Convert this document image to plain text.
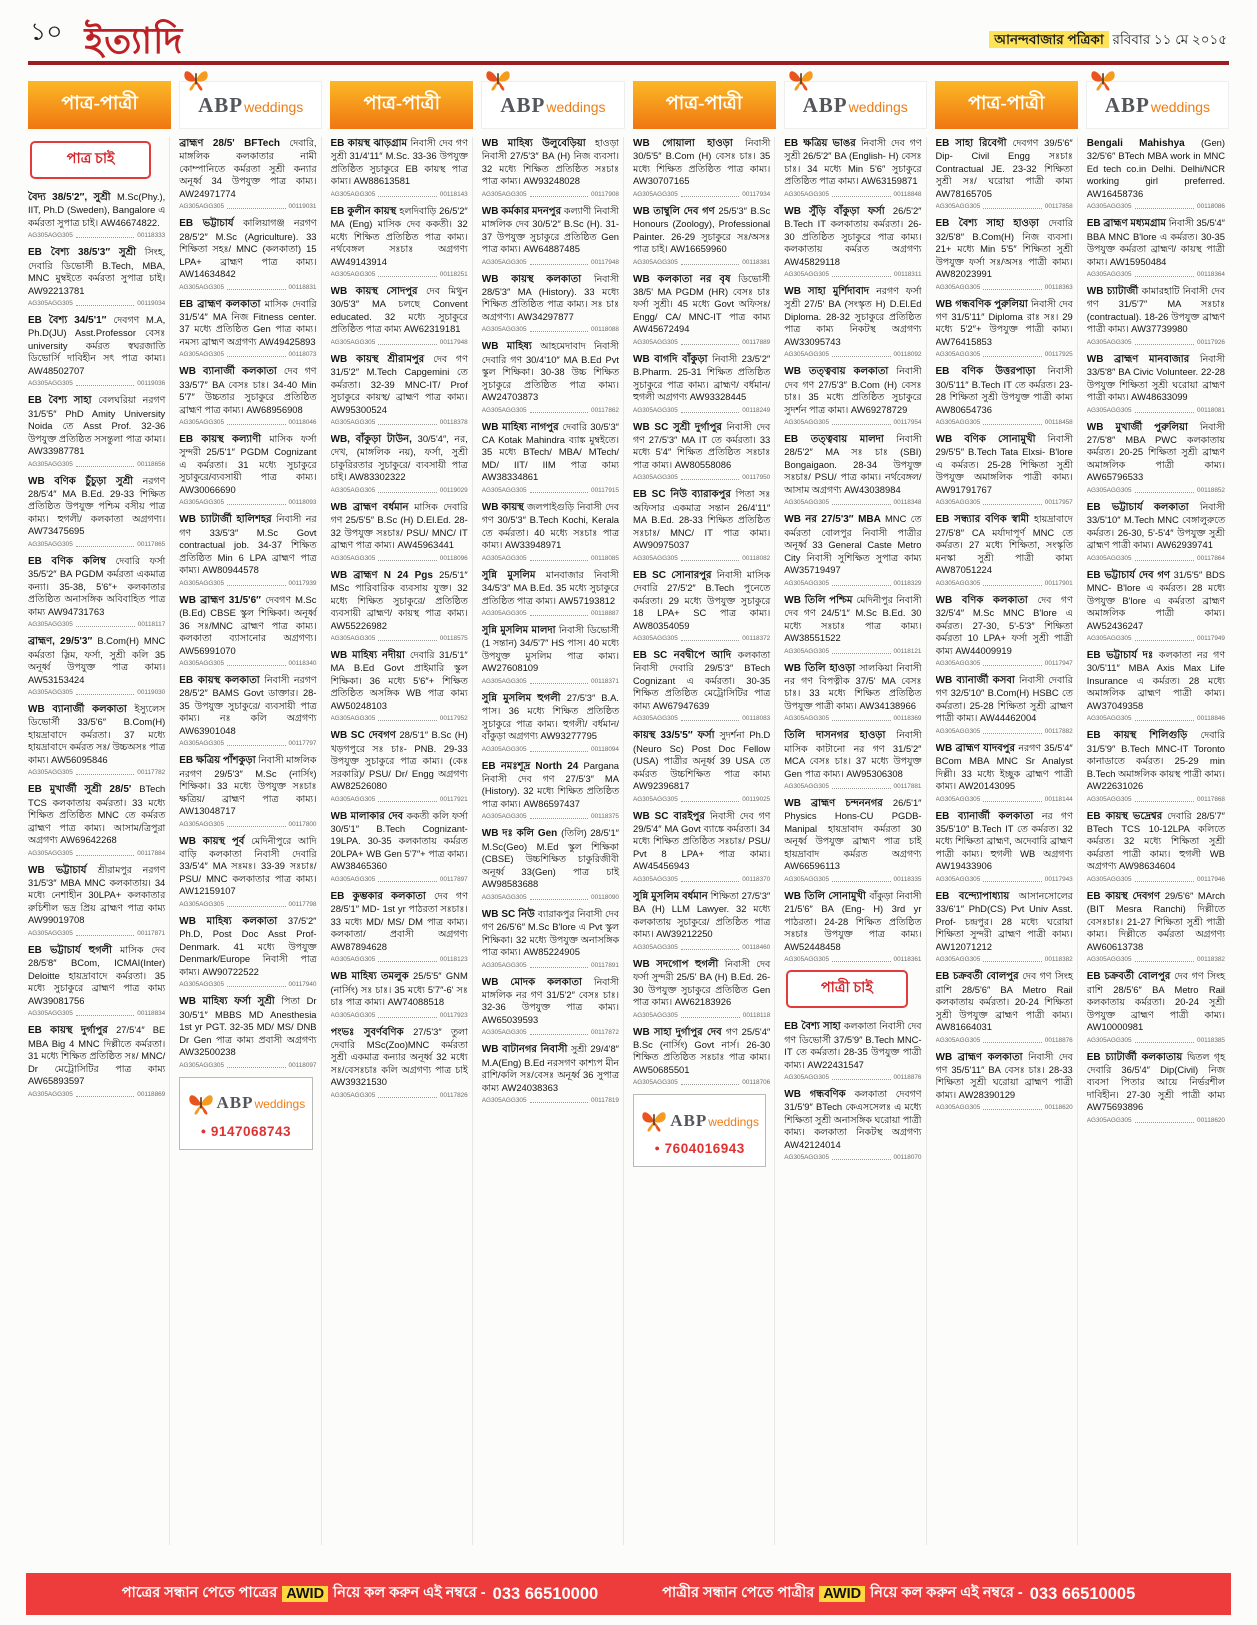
১০ ইত্যাদি	আনন্দবাজার পত্রিকা রবিবার ১১ মে ২০১৫
পাত্র-পাত্রী	ABPweddings	পাত্র-পাত্রী	ABPweddings	পাত্র-পাত্রী	ABPweddings	পাত্র-পাত্রী	ABPweddings
পাত্র চাই

বৈদ্য 38/5'2″, সুশ্রী M.Sc(Phy.), IIT, Ph.D (Sweden), Bangalore এ কর্মরতা সুপাত্র চাই। AW46674822.

AG305AGG305	00118333

EB বৈশ্য 38/5'3″ সুশ্রী সিংহ, দেবারি ডিভোর্সী B.Tech, MBA, MNC মুম্বইতে কর্মরতা সুপাত্র চাই। AW92213781

AG305AGG305	00119034

EB বৈশ্য 34/5'1″ দেবগণ M.A, Ph.D(JU) Asst.Professor বেসঃ university কর্মরত স্বঘরজাতি ডিভোর্সি দাবিহীন সৎ পাত্র কাম্য। AW48502707

AG305AGG305	00119036

EB বৈশ্য সাহা বেলঘরিয়া নরগণ 31/5'5″ PhD Amity University Noida তে Asst Prof. 32-36 উপযুক্ত প্রতিষ্ঠিত সসন্তুলা পাত্র কাম্য। AW33987781

AG305AGG305	00118656

WB বণিক চুঁচুড়া সুশ্রী নরগণ 28/5'4″ MA B.Ed. 29-33 শিক্ষিত প্রতিষ্ঠিত উপযুক্ত পশ্চিম বসীয় পাত্র কাম্য। হুগলী/ কলকাতা অগ্রগণ্য। AW73475695

AG305AGG305	00117865

EB বণিক কলিম্ব দেবারি ফর্সা 35/5'2″ BA PGDM কর্মরতা একমাত্র কন্যা। 35-38, 5'6″+ কলকাতার প্রতিষ্ঠিত অনাসঙ্গিক অবিবাহিত পাত্র কাম্য AW94731763

AG305AGG305	00118117

ব্রাহ্মণ, 29/5'3″ B.Com(H) MNC কর্মরতা স্লিম, ফর্সা, সুশ্রী কলি 35 অনূর্ধ্ব উপযুক্ত পাত্র কাম্য। AW53153424

AG305AGG305	00119030

WB ব্যানার্জী কলকাতা ইস্যুলেস ডিভোর্সী 33/5'6″ B.Com(H) হায়দ্রাবাদে কর্মরতা। 37 মধ্যে হায়দ্রাবাদে কর্মরত সঃ/ উচ্চঅসঃ পাত্র কাম্য। AW56095846

AG305AGG305	00117782

EB মুখার্জী সুশ্রী 28/5' BTech TCS কলকাতায় কর্মরতা। 33 মধ্যে শিক্ষিত প্রতিষ্ঠিত MNC তে কর্মরত ব্রাহ্মণ পাত্র কাম্য। আসাম/ত্রিপুরা অগ্রগণ্য AW69642268

AG305AGG305	00117884

WB ভট্টাচার্য শ্রীরামপুর নরগণ 31/5'3″ MBA MNC কলকাতায়। 34 মধ্যে নেশাহীন 30LPA+ কলকাতার রুচিশীল ভদ্র প্রিয় ব্রাহ্মণ পাত্র কাম্য AW99019708

AG305AGG305	00117871

EB ভট্টাচার্য হুগলী মাসিক দেব 28/5'8″ BCom, ICMAI(Inter) Deloitte হায়দ্রাবাদে কর্মরতা। 35 মধ্যে সুচাকুরে ব্রাহ্মণ পাত্র কাম্য AW39081756

AG305AGG305	00118834

EB কায়স্থ দুর্গাপুর 27/5'4″ BE MBA Big 4 MNC দিল্লীতে কর্মরতা। 31 মধ্যে শিক্ষিত প্রতিষ্ঠিত সঃ/ MNC/ Dr মেট্রোসিটির পাত্র কাম্য AW65893597

AG305AGG305	00118869

ব্রাহ্মণ 28/5' BFTech দেবারি, মাঙ্গলিক কলকাতার নামী কোম্পানিতে কর্মরতা সুশ্রী কন্যার অনূর্ধ্ব 34 উপযুক্ত পাত্র কাম্য। AW24971774

AG305AGG305	00119031

EB ভট্টাচার্য কালিয়াগঞ্জ নরগণ 28/5'2″ M.Sc (Agriculture). 33 শিক্ষিতা সহঃ/ MNC (কলকাতা) 15 LPA+ ব্রাহ্মণ পাত্র কাম্য। AW14634842

AG305AGG305	00118831

EB ব্রাহ্মণ কলকাতা মাসিক দেবারি 31/5'4″ MA নিজ Fitness center. 37 মধ্যে প্রতিষ্ঠিত Gen পাত্র কাম্য। নমস্য ব্রাহ্মণ অগ্রগণ্য AW49425893

AG305AGG305	00118073

WB ব্যানার্জী কলকাতা দেব গণ 33/5'7″ BA বেসঃ চাঃ। 34-40 Min 5'7″ উচ্চতার সুচাকুরে প্রতিষ্ঠিত ব্রাহ্মণ পাত্র কাম্য। AW68956908

AG305AGG305	00118046

EB কায়স্থ কল্যাণী মাসিক ফর্সা সুন্দরী 25/5'1″ PGDM Cognizant এ কর্মরতা। 31 মধ্যে সুচাকুরে সুচাকুরে/ব্যবসায়ী পাত্র কাম্য। AW30066690

AG305AGG305	00118093

WB চ্যাটার্জী হালিশহর নিবাসী নর গণ 33/5'3″ M.Sc Govt contractual job. 34-37 শিক্ষিত প্রতিষ্ঠিত Min 6 LPA ব্রাহ্মণ পাত্র কাম্য। AW80944578

AG305AGG305	00117939

WB ব্রাহ্মণ 31/5'6″ দেবগণ M.Sc (B.Ed) CBSE স্কুল শিক্ষিকা। অনূর্ধ্ব 36 সঃ/MNC ব্রাহ্মণ পাত্র কাম্য। কলকাতা ব্যাসানোর অগ্রগণ্য। AW56991070

AG305AGG305	00118340

EB কায়স্থ কলকাতা নিবাসী নরগণ 28/5'2″ BAMS Govt ডাক্তার। 28-35 উপযুক্ত সুচাকুরে/ ব্যবসায়ী পাত্র কাম্য। নঃ কলি অগ্রগণ্য AW63901048

AG305AGG305	00117797

EB ক্ষত্রিয় পাঁশকুড়া নিবাসী মাঙ্গলিক নরগণ 29/5'3″ M.Sc (নার্সিং) শিক্ষিকা। 33 মধ্যে উপযুক্ত সঃচাঃ ক্ষত্রিয়/ ব্রাহ্মণ পাত্র কাম্য। AW13048717

AG305AGG305	00117800

WB কায়স্থ পূর্ব মেদিনীপুরে আদি বাড়ি কলকাতা নিবাসী দেবারি 33/5'4″ MA সঃমঃ। 33-39 সঃচাঃ/ PSU/ MNC কলকাতার পাত্র কাম্য। AW12159107

AG305AGG305	00117798

WB মাহিষ্য কলকাতা 37/5'2″ Ph.D, Post Doc Asst Prof- Denmark. 41 মধ্যে উপযুক্ত Denmark/Europe নিবাসী পাত্র কাম্য। AW90722522

AG305AGG305	00117940

WB মাহিষ্য ফর্সা সুশ্রী পিতা Dr 30/5'1″ MBBS MD Anesthesia 1st yr PGT. 32-35 MD/ MS/ DNB Dr Gen পাত্র কাম্য প্রবাসী অগ্রগণ্য AW32500238

AG305AGG305	00118097
ABPweddings
● 9147068743

EB কায়স্থ ঝাড়গ্রাম নিবাসী দেব গণ সুশ্রী 31/4'11″ M.Sc. 33-36 উপযুক্ত প্রতিষ্ঠিত সুচাকুরে EB কায়স্থ পাত্র কাম্য। AW88613581

AG305AGG305	00118143

EB কুলীন কায়স্থ হলদিবাড়ি 26/5'2″ MA (Eng) মাসিক দেব ককতী। 32 মধ্যে শিক্ষিত প্রতিষ্ঠিত পাত্র কাম্য। নর্থবেঙ্গল সঃচাঃ অগ্রগণ্য AW49143914

AG305AGG305	00118251

WB কায়স্থ সোদপুর দেব মিথুন 30/5'3″ MA চলছে Convent educated. 32 মধ্যে সুচাকুরে প্রতিষ্ঠিত পাত্র কাম্য AW62319181

AG305AGG305	00117948

WB কায়স্থ শ্রীরামপুর দেব গণ 31/5'2″ M.Tech Capgemini তে কর্মরতা। 32-39 MNC-IT/ Prof সুচাকুরে কায়স্থ/ ব্রাহ্মণ পাত্র কাম্য। AW95300524

AG305AGG305	00118378

WB, বাঁকুড়া টাউন, 30/5'4″, নর, দেখ, (মাঙ্গলিক নয়), ফর্সা, সুশ্রী চাকুরিরতার সুচাকুরে/ ব্যবসায়ী পাত্র চাই। AW83302322

AG305AGG305	00119029

WB ব্রাহ্মণ বর্ধমান মাসিক দেবারি গণ 25/5'5″ B.Sc (H) D.El.Ed. 28-32 উপযুক্ত সঃচাঃ/ PSU/ MNC/ IT ব্রাহ্মণ পাত্র কাম্য। AW45963441

AG305AGG305	00118096

WB ব্রাহ্মণ N 24 Pgs 25/5'1″ MSc পারিবারিক ব্যবসায় যুক্ত। 32 মধ্যে শিক্ষিত সুচাকুরে/ প্রতিষ্ঠিত ব্যবসায়ী ব্রাহ্মণ/ কায়স্থ পাত্র কাম্য। AW55226982

AG305AGG305	00118575

WB মাহিষ্য নদীয়া দেবারি 31/5'1″ MA B.Ed Govt প্রাইমারি স্কুল শিক্ষিকা। 36 মধ্যে 5'6″+ শিক্ষিত প্রতিষ্ঠিত অসঙ্গিক WB পাত্র কাম্য AW50248103

AG305AGG305	00117952

WB SC দেবগণ 28/5'1″ B.Sc (H) খড়গপুরে সঃ চাঃ- PNB. 29-33 উপযুক্ত সুচাকুরে পাত্র কাম্য। (কেঃ সরকারি)/ PSU/ Dr/ Engg অগ্রগণ্য AW82526080

AG305AGG305	00117921

WB মালাকার দেব ককতী কলি ফর্সা 30/5'1″ B.Tech Cognizant- 19LPA. 30-35 কলকাতায় কর্মরত 20LPA+ WB Gen 5'7″+ পাত্র কাম্য। AW38465360

AG305AGG305	00117897

EB কুম্ভকার কলকাতা দেব গণ 28/5'1″ MD- 1st yr পাঠরতা সঃচাঃ। 33 মধ্যে MD/ MS/ DM পাত্র কাম্য। কলকাতা/ প্রবাসী অগ্রগণ্য AW87894628

AG305AGG305	00118123

WB মাহিষ্য তমলুক 25/5'5″ GNM (নার্সিং) সঃ চাঃ। 35 মধ্যে 5'7″-6' সঃ চাঃ পাত্র কাম্য। AW74088518

AG305AGG305	00117923

পংভঃ সুবর্ণবণিক 27/5'3″ তুলা দেবারি MSc(Zoo)MNC কর্মরতা সুশ্রী একমাত্র কন্যার অনূর্ধ্ব 32 মধ্যে সঃ/বেসঃচাঃ কলি অগ্রগণ্য পাত্র চাই AW39321530

AG305AGG305	00117826

WB মাহিষ্য উলুবেড়িয়া হাওড়া নিবাসী 27/5'3″ BA (H) নিজ ব্যবসা। 32 মধ্যে শিক্ষিত প্রতিষ্ঠিত সঃচাঃ পাত্র কাম্য। AW93248028

AG305AGG305	00117908

WB কর্মকার মদনপুর কল্যাণী নিবাসী মাঙ্গলিক দেব 30/5'2″ B.Sc (H). 31-37 উপযুক্ত সুচাকুরে প্রতিষ্ঠিত Gen পাত্র কাম্য। AW64887485

AG305AGG305	00117948

WB কায়স্থ কলকাতা নিবাসী 28/5'3″ MA (History). 33 মধ্যে শিক্ষিত প্রতিষ্ঠিত পাত্র কাম্য। সঃ চাঃ অগ্রগণ্য। AW34297877

AG305AGG305	00118088

WB মাহিষ্য আহমেদাবাদ নিবাসী দেবারি গণ 30/4'10″ MA B.Ed Pvt স্কুল শিক্ষিকা। 30-38 উচ্চ শিক্ষিত সুচাকুরে প্রতিষ্ঠিত পাত্র কাম্য। AW24703873

AG305AGG305	00117862

WB মাহিষ্য নাগপুর দেবারি 30/5'3″ CA Kotak Mahindra ব্যাঙ্ক মুম্বইতে। 35 মধ্যে BTech/ MBA/ MTech/ MD/ IIT/ IIM পাত্র কাম্য AW38334861

AG305AGG305	00117915

WB কায়স্থ জলপাইগুড়ি নিবাসী দেব গণ 30/5'3″ B.Tech Kochi, Kerala তে কর্মরতা। 40 মধ্যে সঃচাঃ পাত্র কাম্য। AW33948971

AG305AGG305	00118085

সুন্নি মুসলিম মানবাজার নিবাসী 34/5'3″ MA B.Ed. 35 মধ্যে সুচাকুরে প্রতিষ্ঠিত পাত্র কাম্য। AW57193812

AG305AGG305	00118887

সুন্নি মুসলিম মালদা নিবাসী ডিভোর্সী (1 সন্তান) 34/5'7″ HS পাস। 40 মধ্যে উপযুক্ত মুসলিম পাত্র কাম্য। AW27608109

AG305AGG305	00118371

সুন্নি মুসলিম হুগলী 27/5'3″ B.A. পাস। 36 মধ্যে শিক্ষিত প্রতিষ্ঠিত সুচাকুরে পাত্র কাম্য। হুগলী/ বর্ধমান/ বাঁকুড়া অগ্রগণ্য AW93277795

AG305AGG305	00118094

EB নমঃশূদ্র North 24 Pargana নিবাসী দেব গণ 27/5'3″ MA (History). 32 মধ্যে শিক্ষিত প্রতিষ্ঠিত পাত্র কাম্য। AW86597437

AG305AGG305	00118375

WB দঃ কলি Gen (তিলি) 28/5'1″ M.Sc(Geo) M.Ed স্কুল শিক্ষিকা (CBSE) উচ্চশিক্ষিত চাকুরিজীবী অনূর্ধ্ব 33(Gen) পাত্র চাই AW98583688

AG305AGG305	00118090

WB SC নিউ ব্যারাকপুর নিবাসী দেব গণ 26/5'6″ M.Sc B'lore এ Pvt স্কুল শিক্ষিকা। 32 মধ্যে উপযুক্ত অনাসঙ্গিক পাত্র কাম্য। AW85224905

AG305AGG305	00117891

WB মোদক কলকাতা নিবাসী মাঙ্গলিক নর গণ 31/5'2″ বেসঃ চাঃ। 32-36 উপযুক্ত পাত্র কাম্য। AW65039593

AG305AGG305	00117872

WB বাটানগর নিবাসী সুশ্রী 29/4'8″ M.A(Eng) B.Ed নরসগণ কাশ্যপ মীন রাশি/কলি সঃ/বেসঃ অনূর্ধ্ব 36 সুপাত্র কাম্য AW24038363

AG305AGG305	00117819

WB গোয়ালা হাওড়া নিবাসী 30/5'5″ B.Com (H) বেসঃ চাঃ। 35 মধ্যে শিক্ষিত প্রতিষ্ঠিত পাত্র কাম্য। AW30707165

AG305AGG305	00117934

WB তাম্বুলি দেব গণ 25/5'3″ B.Sc Honours (Zoology), Professional Painter. 26-29 সুচাকুরে সঃ/অসঃ পাত্র চাই। AW16659960

AG305AGG305	00118381

WB কলকাতা নর বৃষ ডিভোর্সী 38/5' MA PGDM (HR) বেসঃ চাঃ ফর্সা সুশ্রী। 45 মধ্যে Govt অফিসঃ/ Engg/ CA/ MNC-IT পাত্র কাম্য AW45672494

AG305AGG305	00117889

WB বাগদি বাঁকুড়া নিবাসী 23/5'2″ B.Pharm. 25-31 শিক্ষিত প্রতিষ্ঠিত সুচাকুরে পাত্র কাম্য। ব্রাহ্মণ/ বর্ধমান/ হুগলী অগ্রগণ্য AW93328445

AG305AGG305	00118249

WB SC সুশ্রী দুর্গাপুর নিবাসী দেব গণ 27/5'3″ MA IT তে কর্মরতা। 33 মধ্যে 5'4″ শিক্ষিত প্রতিষ্ঠিত সঃচাঃ পাত্র কাম্য। AW80558086

AG305AGG305	00117950

EB SC নিউ ব্যারাকপুর পিতা সঃ অফিসার একমাত্র সন্তান 26/4'11″ MA B.Ed. 28-33 শিক্ষিত প্রতিষ্ঠিত সঃচাঃ/ MNC/ IT পাত্র কাম্য। AW90975037

AG305AGG305	00118082

EB SC সোনারপুর নিবাসী মাসিক দেবারি 27/5'2″ B.Tech পুনেতে কর্মরতা। 29 মধ্যে উপযুক্ত সুচাকুরে 18 LPA+ SC পাত্র কাম্য। AW80354059

AG305AGG305	00118372

EB SC নবদ্বীপে আদি কলকাতা নিবাসী দেবারি 29/5'3″ BTech Cognizant এ কর্মরতা। 30-35 শিক্ষিত প্রতিষ্ঠিত মেট্রোসিটির পাত্র কাম্য AW67947639

AG305AGG305	00118083

কায়স্থ 33/5'5″ ফর্সা সুদর্শনা Ph.D (Neuro Sc) Post Doc Fellow (USA) পাত্রীর অনূর্ধ্ব 39 USA তে কর্মরত উচ্চশিক্ষিত পাত্র কাম্য AW92396817

AG305AGG305	00119025

WB SC বারইপুর নিবাসী দেব গণ 29/5'4″ MA Govt ব্যাঙ্কে কর্মরতা। 34 মধ্যে শিক্ষিত প্রতিষ্ঠিত সঃচাঃ/ PSU/ Pvt 8 LPA+ পাত্র কাম্য। AW45456943

AG305AGG305	00118370

সুন্নি মুসলিম বর্ধমান শিক্ষিতা 27/5'3″ BA (H) LLM Lawyer. 32 মধ্যে কলকাতায় সুচাকুরে/ প্রতিষ্ঠিত পাত্র কাম্য। AW39212250

AG305AGG305	00118460

WB সদগোপ হুগলী নিবাসী দেব ফর্সা সুন্দরী 25/5' BA (H) B.Ed. 26-30 উপযুক্ত সুচাকুরে প্রতিষ্ঠিত Gen পাত্র কাম্য। AW62183926

AG305AGG305	00118118

WB সাহা দুর্গাপুর দেব গণ 25/5'4″ B.Sc (নার্সিং) Govt নার্স। 26-30 শিক্ষিত প্রতিষ্ঠিত সঃচাঃ পাত্র কাম্য। AW50685501

AG305AGG305	00118706
ABPweddings
● 7604016943

EB ক্ষত্রিয় ভাঙর নিবাসী দেব গণ সুশ্রী 26/5'2″ BA (English- H) বেসঃ চাঃ। 34 মধ্যে Min 5'6″ সুচাকুরে প্রতিষ্ঠিত পাত্র কাম্য। AW63159871

AG305AGG305	00118848

WB সুঁড়ি বাঁকুড়া ফর্সা 26/5'2″ B.Tech IT কলকাতায় কর্মরতা। 26-30 প্রতিষ্ঠিত সুচাকুরে পাত্র কাম্য। কলকাতায় কর্মরত অগ্রগণ্য AW45829118

AG305AGG305	00118311

WB সাহা মুর্শিদাবাদ নরগণ ফর্সা সুশ্রী 27/5' BA (সংস্কৃত H) D.El.Ed Diploma. 28-32 সুচাকুরে প্রতিষ্ঠিত পাত্র কাম্য নিকটস্থ অগ্রগণ্য AW33095743

AG305AGG305	00118092

WB তত্ত্ববায় কলকাতা নিবাসী দেব গণ 27/5'3″ B.Com (H) বেসঃ চাঃ। 35 মধ্যে প্রতিষ্ঠিত সুচাকুরে সুদর্শন পাত্র কাম্য। AW69278729

AG305AGG305	00117954

EB তত্ত্ববায় মালদা নিবাসী 28/5'2″ MA সঃ চাঃ (SBI) Bongaigaon. 28-34 উপযুক্ত সঃচাঃ/ PSU/ পাত্র কাম্য। নর্থবেঙ্গল/ আসাম অগ্রগণ্য AW43038984

AG305AGG305	00118348

WB নর 27/5'3″ MBA MNC তে কর্মরতা বোলপুর নিবাসী পাত্রীর অনূর্ধ্ব 33 General Caste Metro City নিবাসী সুশিক্ষিত সুপাত্র কাম্য AW35719497

AG305AGG305	00118329

WB তিলি পশ্চিম মেদিনীপুর নিবাসী দেব গণ 24/5'1″ M.Sc B.Ed. 30 মধ্যে সঃচাঃ পাত্র কাম্য। AW38551522

AG305AGG305	00118121

WB তিলি হাওড়া সালকিয়া নিবাসী নর গণ বিপত্নীক 37/5' MA বেসঃ চাঃ। 33 মধ্যে শিক্ষিত প্রতিষ্ঠিত উপযুক্ত পাত্রী কাম্য। AW34138966

AG305AGG305	00118369

তিলি দাসনগর হাওড়া নিবাসী মাসিক কাটানো নর গণ 31/5'2″ MCA বেসঃ চাঃ। 37 মধ্যে উপযুক্ত Gen পাত্র কাম্য। AW95306308

AG305AGG305	00117881

WB ব্রাহ্মণ চন্দননগর 26/5'1″ Physics Hons-CU PGDB-Manipal হায়দ্রাবাদ কর্মরতা 30 অনূর্ধ্ব উপযুক্ত ব্রাহ্মণ পাত্র চাই হায়দ্রাবাদ কর্মরত অগ্রগণ্য AW66596113

AG305AGG305	00118335

WB তিলি সোনামুখী বাঁকুড়া নিবাসী 21/5'6″ BA (Eng- H) 3rd yr পাঠরতা। 24-28 শিক্ষিত প্রতিষ্ঠিত সঃচাঃ উপযুক্ত পাত্র কাম্য। AW52448458

AG305AGG305	00118361
পাত্রী চাই

EB বৈশ্য সাহা কলকাতা নিবাসী দেব গণ ডিভোর্সী 37/5'9″ B.Tech MNC-IT তে কর্মরতা। 28-35 উপযুক্ত পাত্রী কাম্য। AW22431547

AG305AGG305	00118876

WB গন্ধবণিক কলকাতা দেবগণ 31/5'9″ BTech কেএসসেলঃ এ মধ্যে শিক্ষিতা সুশ্রী অনাসঙ্গিক ঘরোয়া পাত্রী কাম্য। কলকাতা নিকটস্থ অগ্রগণ্য AW42124014

AG305AGG305	00118070

EB সাহা রিবেগী দেবগণ 39/5'6″ Dip- Civil Engg সঃচাঃ Contractual JE. 23-32 শিক্ষিতা সুশ্রী সঃ/ ঘরোয়া পাত্রী কাম্য AW78165705

AG305AGG305	00117858

EB বৈশ্য সাহা হাওড়া দেবারি 32/5'8″ B.Com(H) নিজ ব্যবসা। 21+ মধ্যে Min 5'5″ শিক্ষিতা সুশ্রী উপযুক্ত ফর্সা সঃ/অসঃ পাত্রী কাম্য। AW82023991

AG305AGG305	00118363

WB গন্ধবণিক পুরুলিয়া নিবাসী দেব গণ 31/5'11″ Diploma রাঃ সঃ। 29 মধ্যে 5'2″+ উপযুক্ত পাত্রী কাম্য। AW76415853

AG305AGG305	00117925

EB বণিক উত্তরপাড়া নিবাসী 30/5'11″ B.Tech IT তে কর্মরত। 23-28 শিক্ষিতা সুশ্রী উপযুক্ত পাত্রী কাম্য AW80654736

AG305AGG305	00118458

WB বণিক সোনামুখী নিবাসী 29/5'5″ B.Tech Tata Elxsi- B'lore এ কর্মরত। 25-28 শিক্ষিতা সুশ্রী উপযুক্ত অমাঙ্গলিক পাত্রী কাম্য। AW91791767

AG305AGG305	00117957

EB সন্ধ্যার বণিক স্বামী হায়দ্রাবাদে 27/5'8″ CA মর্যাদাপূর্ণ MNC তে কর্মরত। 27 মধ্যে শিক্ষিতা, সংস্কৃতি মনস্কা সুশ্রী পাত্রী কাম্য AW87051224

AG305AGG305	00117901

WB বণিক কলকাতা দেব গণ 32/5'4″ M.Sc MNC B'lore এ কর্মরত। 27-30, 5'-5'3″ শিক্ষিতা কর্মরতা 10 LPA+ ফর্সা সুশ্রী পাত্রী কাম্য AW44009919

AG305AGG305	00117947

WB ব্যানার্জী কসবা নিবাসী দেবারি গণ 32/5'10″ B.Com(H) HSBC তে কর্মরতা। 25-28 শিক্ষিতা সুশ্রী ব্রাহ্মণ পাত্রী কাম্য। AW44462004

AG305AGG305	00117882

WB ব্রাহ্মণ যাদবপুর নরগণ 35/5'4″ BCom MBA MNC Sr Analyst দিল্লী। 33 মধ্যে ইচ্ছুক ব্রাহ্মণ পাত্রী কাম্য। AW20143095

AG305AGG305	00118144

EB ব্যানার্জী কলকাতা নর গণ 35/5'10″ B.Tech IT তে কর্মরত। 32 মধ্যে শিক্ষিতা ব্রাহ্মণ, অদেবারি ব্রাহ্মণ পাত্রী কাম্য। হুগলী WB অগ্রগণ্য AW19433906

AG305AGG305	00117943

EB বন্দ্যোপাধ্যায় আসানসোলের 33/6'1″ PhD(CS) Pvt Univ Asst. Prof- চন্দ্রপুর। 28 মধ্যে ঘরোয়া শিক্ষিতা সুন্দরী ব্রাহ্মণ পাত্রী কাম্য। AW12071212

AG305AGG305	00118382

EB চক্রবর্তী বোলপুর দেব গণ সিংহ রাশি 28/5'6″ BA Metro Rail কলকাতায় কর্মরতা। 20-24 শিক্ষিতা সুশ্রী উপযুক্ত ব্রাহ্মণ পাত্রী কাম্য। AW81664031

AG305AGG305	00118876

WB ব্রাহ্মণ কলকাতা নিবাসী দেব গণ 35/5'11″ BA বেসঃ চাঃ। 28-33 শিক্ষিতা সুশ্রী ঘরোয়া ব্রাহ্মণ পাত্রী কাম্য। AW28390129

AG305AGG305	00118620

Bengali Mahishya (Gen) 32/5'6″ BTech MBA work in MNC Ed tech co.in Delhi. Delhi/NCR working girl preferred. AW16458736

AG305AGG305	00118086

EB ব্রাহ্মণ মধ্যমগ্রাম নিবাসী 35/5'4″ BBA MNC B'lore এ কর্মরত। 30-35 উপযুক্ত কর্মরতা ব্রাহ্মণ/ কায়স্থ পাত্রী কাম্য। AW15950484

AG305AGG305	00118364

WB চ্যাটার্জী কামারহাটি নিবাসী দেব গণ 31/5'7″ MA সঃচাঃ (contractual). 18-26 উপযুক্ত ব্রাহ্মণ পাত্রী কাম্য। AW37739980

AG305AGG305	00117926

WB ব্রাহ্মণ মানবাজার নিবাসী 33/5'8″ BA Civic Volunteer. 22-28 উপযুক্ত শিক্ষিতা সুশ্রী ঘরোয়া ব্রাহ্মণ পাত্রী কাম্য। AW48633099

AG305AGG305	00118081

WB মুখার্জী পুরুলিয়া নিবাসী 27/5'8″ MBA PWC কলকাতায় কর্মরত। 20-25 শিক্ষিতা সুশ্রী ব্রাহ্মণ অমাঙ্গলিক পাত্রী কাম্য। AW65796533

AG305AGG305	00118852

EB ভট্টাচার্য কলকাতা নিবাসী 33/5'10″ M.Tech MNC বেঙ্গালুরুতে কর্মরত। 26-30, 5'-5'4″ উপযুক্ত সুশ্রী ব্রাহ্মণ পাত্রী কাম্য। AW62939741

AG305AGG305	00117864

EB ভট্টাচার্য দেব গণ 31/5'5″ BDS MNC- B'lore এ কর্মরত। 28 মধ্যে উপযুক্ত B'lore এ কর্মরতা ব্রাহ্মণ অমাঙ্গলিক পাত্রী কাম্য। AW52436247

AG305AGG305	00117949

EB ভট্টাচার্য দঃ কলকাতা নর গণ 30/5'11″ MBA Axis Max Life Insurance এ কর্মরত। 28 মধ্যে অমাঙ্গলিক ব্রাহ্মণ পাত্রী কাম্য। AW37049358

AG305AGG305	00118846

EB কায়স্থ শিলিগুড়ি দেবারি 31/5'9″ B.Tech MNC-IT Toronto কানাডাতে কর্মরত। 25-29 min B.Tech অমাঙ্গলিক কায়স্থ পাত্রী কাম্য। AW22631026

AG305AGG305	00117868

EB কায়স্থ ভদ্রেশ্বর দেবারি 28/5'7″ BTech TCS 10-12LPA কলিতে কর্মরত। 32 মধ্যে শিক্ষিতা সুশ্রী কর্মরতা পাত্রী কাম্য। হুগলী WB অগ্রগণ্য AW98634604

AG305AGG305	00117946

EB কায়স্থ দেবগণ 29/5'6″ MArch (BIT Mesra Ranchi) দিল্লীতে বেসঃচাঃ। 21-27 শিক্ষিতা সুশ্রী পাত্রী কাম্য। দিল্লীতে কর্মরতা অগ্রগণ্য AW60613738

AG305AGG305	00118382

EB চক্রবর্তী বোলপুর দেব গণ সিংহ রাশি 28/5'6″ BA Metro Rail কলকাতায় কর্মরতা। 20-24 সুশ্রী উপযুক্ত ব্রাহ্মণ পাত্রী কাম্য। AW10000981

AG305AGG305	00118385

EB চ্যাটার্জী কলকাতায় দ্বিতল গৃহ দেবারি 36/5'4″ Dip(Civil) নিজ ব্যবসা পিতার আয়ে নির্ভরশীল দাবিহীন। 27-30 সুশ্রী পাত্রী কাম্য AW75693896

AG305AGG305	00118620
পাত্রের সন্ধান পেতে পাত্রের AWID নিয়ে কল করুন এই নম্বরে - 033 66510000	পাত্রীর সন্ধান পেতে পাত্রীর AWID নিয়ে কল করুন এই নম্বরে - 033 66510005
